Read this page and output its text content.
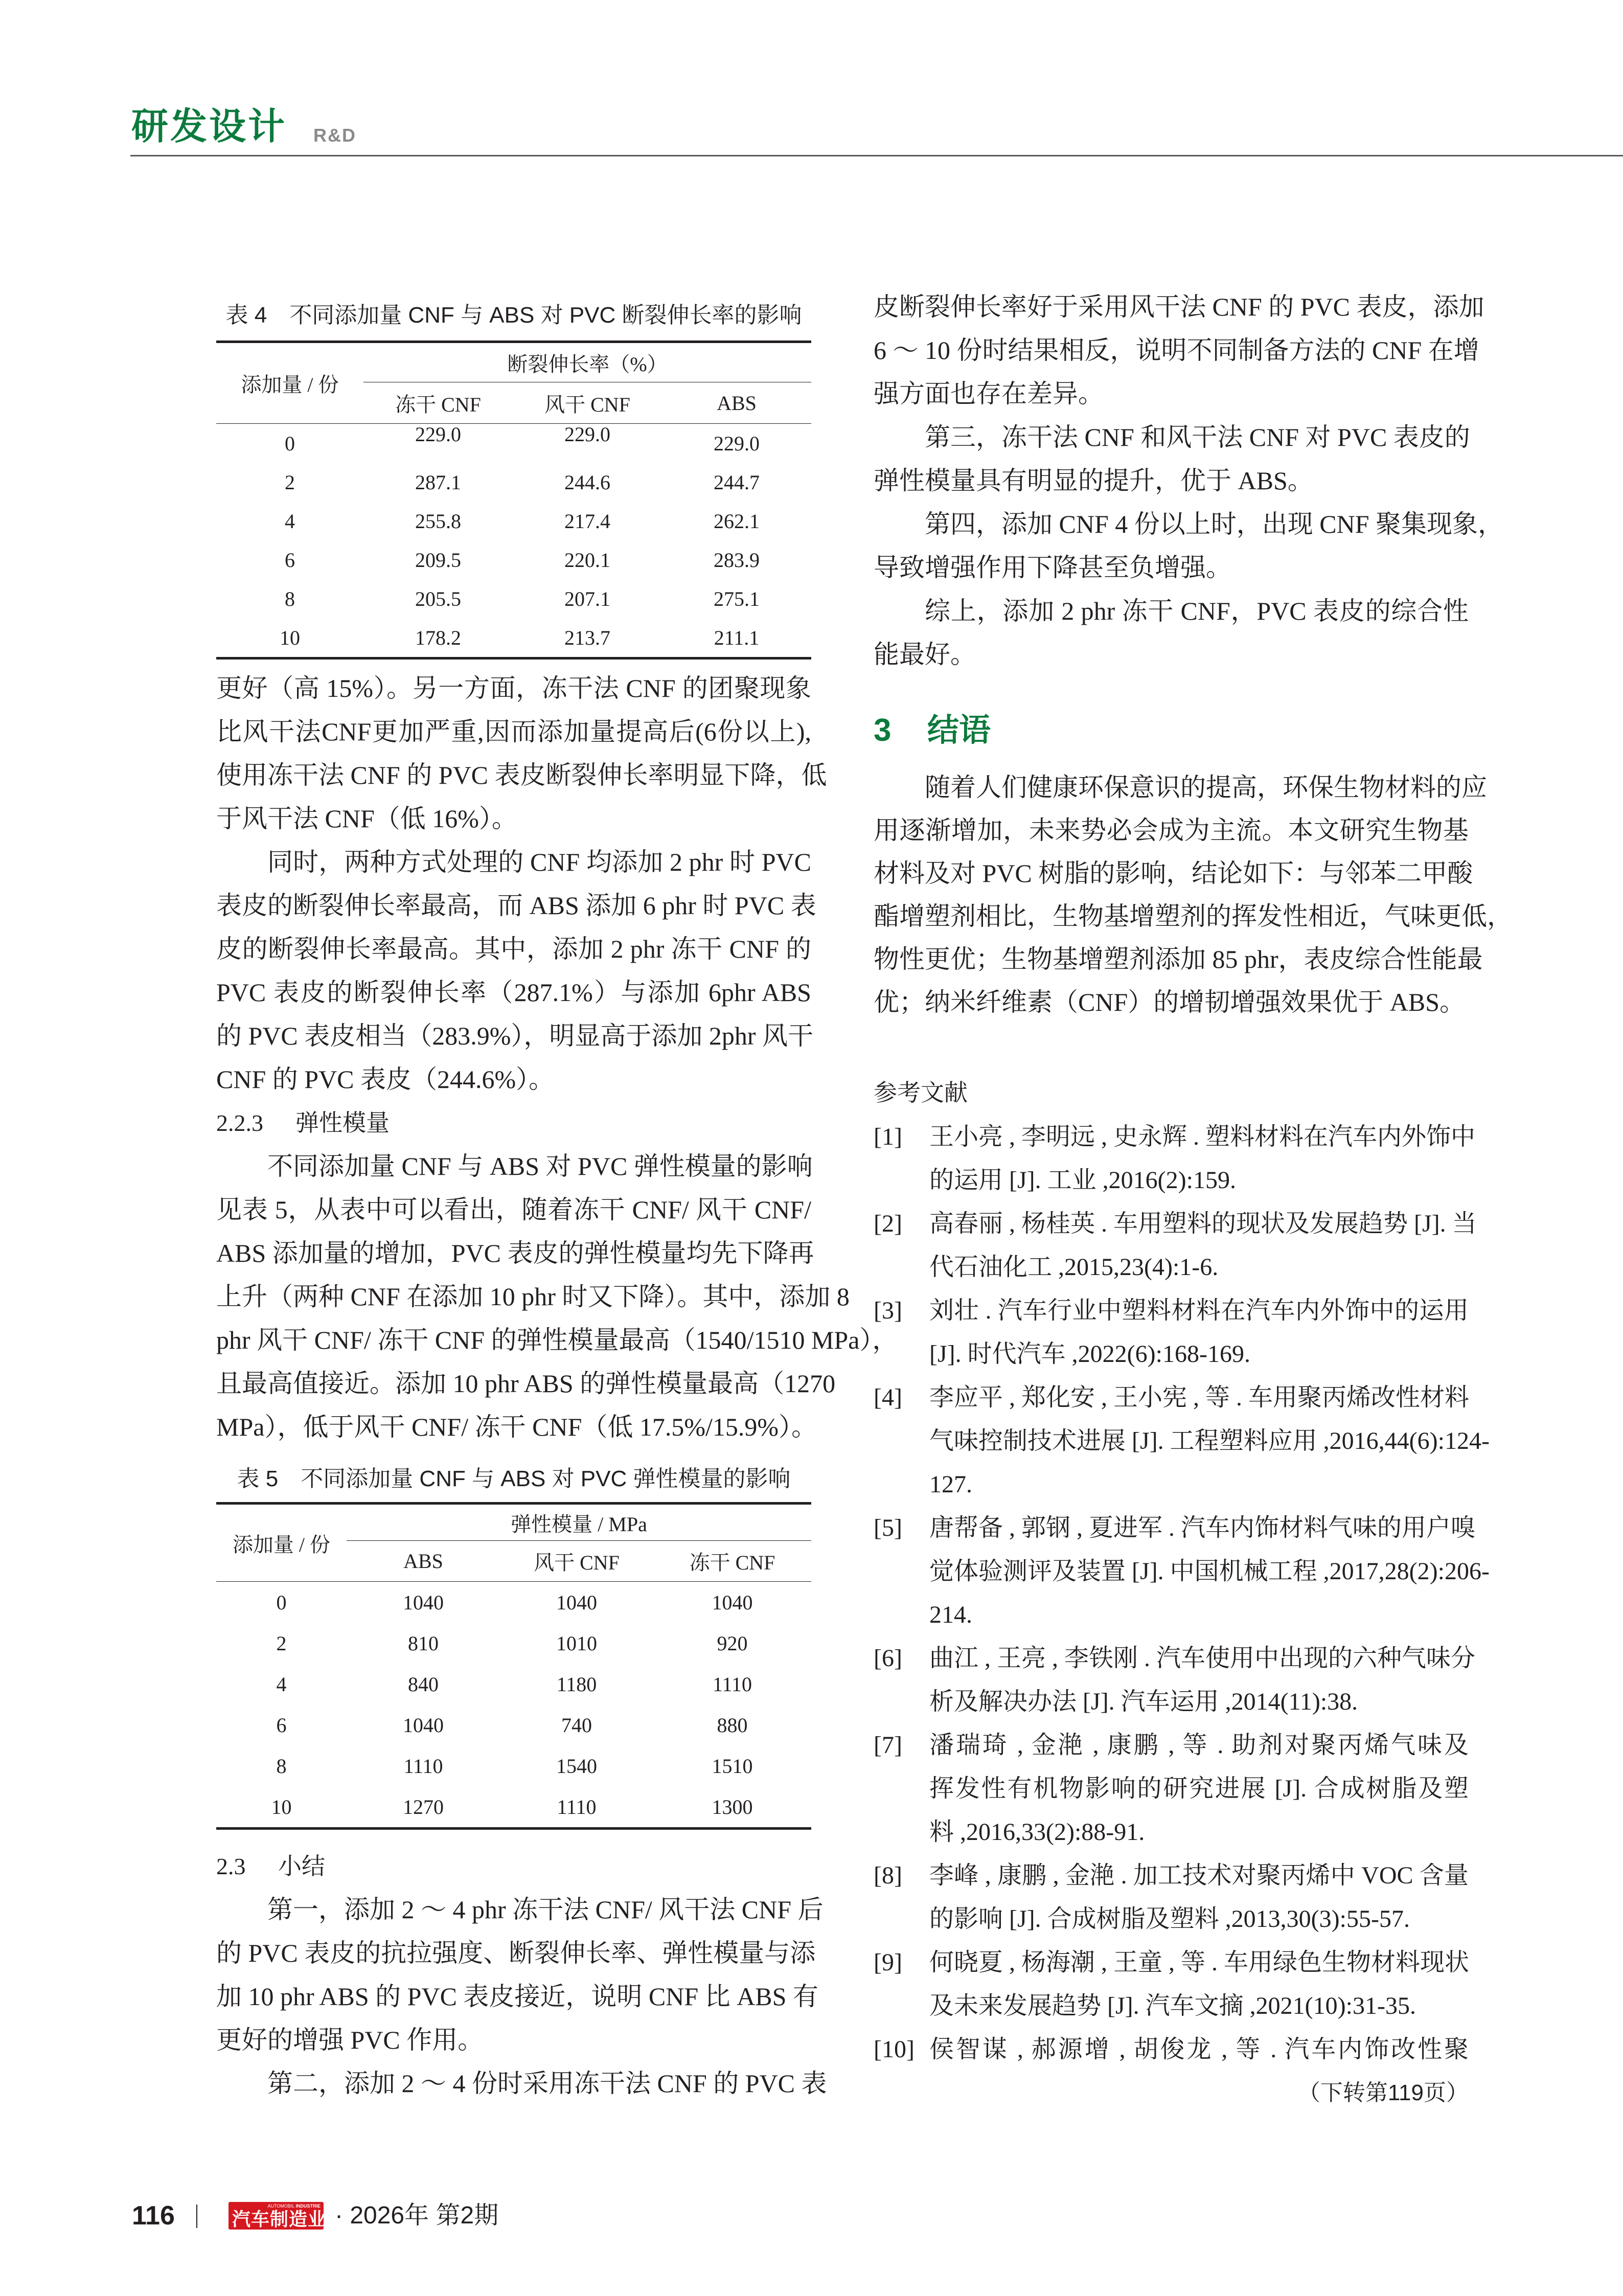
研发设计 R&D
表 4　不同添加量 CNF 与 ABS 对 PVC 断裂伸长率的影响
添加量 / 份	断裂伸长率（%）		
	冻干 CNF	风干 CNF	ABS
0	229.0	229.0	229.0
2	287.1	244.6	244.7
4	255.8	217.4	262.1
6	209.5	220.1	283.9
8	205.5	207.1	275.1
10	178.2	213.7	211.1
更好（高 15%）。另一方面，冻干法 CNF 的团聚现象
比风干法CNF更加严重,因而添加量提高后(6份以上),
使用冻干法 CNF 的 PVC 表皮断裂伸长率明显下降，低
于风干法 CNF（低 16%）。
同时，两种方式处理的 CNF 均添加 2 phr 时 PVC
表皮的断裂伸长率最高，而 ABS 添加 6 phr 时 PVC 表
皮的断裂伸长率最高。其中，添加 2 phr 冻干 CNF 的
PVC 表皮的断裂伸长率（287.1%）与添加 6phr ABS
的 PVC 表皮相当（283.9%），明显高于添加 2phr 风干
CNF 的 PVC 表皮（244.6%）。
2.2.3 弹性模量
不同添加量 CNF 与 ABS 对 PVC 弹性模量的影响
见表 5，从表中可以看出，随着冻干 CNF/ 风干 CNF/
ABS 添加量的增加，PVC 表皮的弹性模量均先下降再
上升（两种 CNF 在添加 10 phr 时又下降）。其中，添加 8
phr 风干 CNF/ 冻干 CNF 的弹性模量最高（1540/1510 MPa），
且最高值接近。添加 10 phr ABS 的弹性模量最高（1270
MPa），低于风干 CNF/ 冻干 CNF（低 17.5%/15.9%）。
表 5　不同添加量 CNF 与 ABS 对 PVC 弹性模量的影响
添加量 / 份	弹性模量 / MPa		
	ABS	风干 CNF	冻干 CNF
0	1040	1040	1040
2	810	1010	920
4	840	1180	1110
6	1040	740	880
8	1110	1540	1510
10	1270	1110	1300
2.3 小结
第一，添加 2 ～ 4 phr 冻干法 CNF/ 风干法 CNF 后
的 PVC 表皮的抗拉强度、断裂伸长率、弹性模量与添
加 10 phr ABS 的 PVC 表皮接近，说明 CNF 比 ABS 有
更好的增强 PVC 作用。
第二，添加 2 ～ 4 份时采用冻干法 CNF 的 PVC 表
皮断裂伸长率好于采用风干法 CNF 的 PVC 表皮，添加
6 ～ 10 份时结果相反，说明不同制备方法的 CNF 在增
强方面也存在差异。
第三，冻干法 CNF 和风干法 CNF 对 PVC 表皮的
弹性模量具有明显的提升，优于 ABS。
第四，添加 CNF 4 份以上时，出现 CNF 聚集现象，
导致增强作用下降甚至负增强。
综上，添加 2 phr 冻干 CNF，PVC 表皮的综合性
能最好。
3 结语
随着人们健康环保意识的提高，环保生物材料的应
用逐渐增加，未来势必会成为主流。本文研究生物基
材料及对 PVC 树脂的影响，结论如下：与邻苯二甲酸
酯增塑剂相比，生物基增塑剂的挥发性相近，气味更低，
物性更优；生物基增塑剂添加 85 phr，表皮综合性能最
优；纳米纤维素（CNF）的增韧增强效果优于 ABS。
参考文献
[1] 王小亮 , 李明远 , 史永辉 . 塑料材料在汽车内外饰中
的运用 [J]. 工业 ,2016(2):159.
[2] 高春丽 , 杨桂英 . 车用塑料的现状及发展趋势 [J]. 当
代石油化工 ,2015,23(4):1-6.
[3] 刘壮 . 汽车行业中塑料材料在汽车内外饰中的运用
[J]. 时代汽车 ,2022(6):168-169.
[4] 李应平 , 郑化安 , 王小宪 , 等 . 车用聚丙烯改性材料
气味控制技术进展 [J]. 工程塑料应用 ,2016,44(6):124-
127.
[5] 唐帮备 , 郭钢 , 夏进军 . 汽车内饰材料气味的用户嗅
觉体验测评及装置 [J]. 中国机械工程 ,2017,28(2):206-
214.
[6] 曲江 , 王亮 , 李铁刚 . 汽车使用中出现的六种气味分
析及解决办法 [J]. 汽车运用 ,2014(11):38.
[7] 潘瑞琦 , 金滟 , 康鹏 , 等 . 助剂对聚丙烯气味及
挥发性有机物影响的研究进展 [J]. 合成树脂及塑
料 ,2016,33(2):88-91.
[8] 李峰 , 康鹏 , 金滟 . 加工技术对聚丙烯中 VOC 含量
的影响 [J]. 合成树脂及塑料 ,2013,30(3):55-57.
[9] 何晓夏 , 杨海潮 , 王童 , 等 . 车用绿色生物材料现状
及未来发展趋势 [J]. 汽车文摘 ,2021(10):31-35.
[10] 侯智谋 , 郝源增 , 胡俊龙 , 等 . 汽车内饰改性聚
（下转第119页）
116	AUTOMOBIL INDUSTRIE
汽车制造业 · 2026年 第2期
